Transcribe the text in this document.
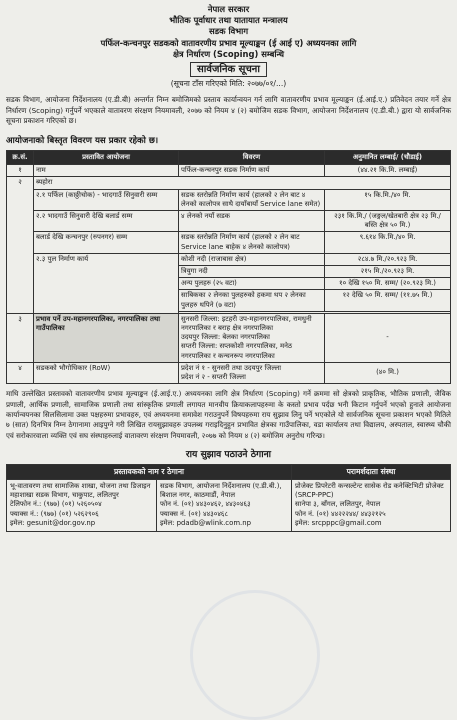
नेपाल सरकार
भौतिक पूर्वाधार तथा यातायात मन्त्रालय
सडक विभाग
पर्फिल-कन्चनपुर सडकको वातावरणीय प्रभाव मूल्याङ्कन (ई आई ए) अध्ययनका लागि
क्षेत्र निर्धारण (Scoping) सम्बन्धि
सार्वजनिक सूचना
(सूचना टाँस गरिएको मिति: २०७७/०१/...)

सडक विभाग, आयोजना निर्देशनालय (ए.डी.बी) अन्तर्गत निम्न बमोजिमको प्रस्ताव कार्यान्वयन गर्न लागि वातावरणीय प्रभाव मूल्याङ्कन (ई.आई.ए.) प्रतिवेदन तयार गर्ने क्षेत्र निर्धारण (Scoping) गर्नुपर्ने भएकाले वातावरण संरक्षण नियमावली, २०७७ को नियम ४ (२) बमोजिम सडक विभाग, आयोजना निर्देशनालय (ए.डी.बी.) द्वारा यो सार्वजनिक सूचना प्रकाशन गरिएको छ।

आयोजनाको बिस्तृत विवरण यस प्रकार रहेको छ।
क्र.सं.	प्रस्तावित आयोजना	विवरण	अनुमानित लम्बाई/ (चौडाई)
१	नाम	पर्फिल-कन्चनपुर सडक निर्माण कार्य	(४४.२१ कि.मि. लम्बाई)
२	ब्यहोरा		
	२.१ पर्फिल (काठ्ठीचोक) - भादगाउँ सिनुवारी सम्म	सडक स्तरोन्नति निर्माण कार्य (हालको २ लेन बाट ४ लेनको कालोपत्र साथै दायाँबायाँ Service lane समेत)	१५ कि.मि./४० मि.
	२.२ भादगाउँ सिनुवारी देखि बलार्ड सम्म	४ लेनको नयाँ सडक	२३१ कि.मि./ (जङ्गल/खेतबारी क्षेत्र २३ मि./ बस्ति क्षेत्र ५० मि.)
	बलार्ड देखि कन्चनपुर (रुपनगर) सम्म	सडक स्तरोन्नति निर्माण कार्य (हालको २ लेन बाट Service lane बाहेक ४ लेनको कालोपत्र)	९.६१४ कि.मि./४० मि.
	२.३ पुल निर्माण कार्य	कोशी नदी (राजाबास क्षेत्र)	२८४.७ मि./२०.९२३ मि.
		त्रियुगा नदी	२१५ मि./२०.९२३ मि.
		अन्य पुलहरु (२५ वटा)	१० देखि १५० मि. सम्म/ (२०.९२३ मि.)
		साबिकका २ लेनका पुलहरुको हकमा थप २ लेनका पुलहरु थपिने (७ वटा)	१२ देखि ५० मि. सम्म/ (११.७५ मि.)

३	प्रभाव पर्ने उप-महानगरपालिका, नगरपालिका तथा गाउँपालिका	सुनसरी जिल्ला: इटहरी उप-महानगरपालिका, रामधुनी नगरपालिका र बराह क्षेत्र नगरपालिका
उदयपुर जिल्ला: बेलका नगरपालिका
सप्तरी जिल्ला: सप्तकोशी नगरपालिका, मनेठ नगरपालिका र कन्चनरूप नगरपालिका	-
४	सडकको भौगोधिकार (RoW)	प्रदेश नं १ - सुनसरी तथा उदयपुर जिल्ला
प्रदेश नं २ - सप्तरी जिल्ला	(४० मि.)

माथि उल्लेखित प्रस्तावको वातावरणीय प्रभाव मूल्याङ्कन (ई.आई.ए.) अध्ययनका लागि क्षेत्र निर्धारण (Scoping) गर्ने क्रममा सो क्षेत्रको प्राकृतिक, भौतिक प्रणाली, जैविक प्रणाली, आर्थिक प्रणाली, सामाजिक प्रणाली तथा सांस्कृतिक प्रणाली लगायत मानवीय क्रियाकलापहरुमा के कस्तो प्रभाव पर्दछ भनी किटान गर्नुपर्ने भएको हुनाले आयोजना कार्यान्वयनका सिलसिलामा उक्त पक्षहरुमा प्रभावहरु, एवं अध्ययनमा समावेश गराउनुपर्ने विषयहरुमा राय सुझाव लिनु पर्ने भएकोले यो सार्वजनिक सूचना प्रकाशन भएको मितिले ७ (सात) दिनभित्र निम्न ठेगानामा आइपुग्ने गरी लिखित रायसुझावहरु उपलब्ध गराइदिनुहुन प्रभावित क्षेत्रका गाउँपालिका, वडा कार्यालय तथा विद्यालय, अस्पताल, स्वास्थ्य चौकी एवं सरोकारवाला व्यक्ति एवं सघ संस्थाहरुलाई वातावरण संरक्षण नियमावली, २०७७ को नियम ४ (२) बमोजिम अनुरोध गरिन्छ।

राय सुझाव पठाउने ठेगाना
प्रस्तावकको नाम र ठेगाना		परामर्शदाता संस्था
भू-वातावरण तथा सामाजिक शाखा, योजना तथा डिजाइन महाशाखा सडक विभाग, चाकुपाट, ललितपुर
टेलिफोन नं.: (९७७) (०१) ५२६०५०४
फ्याक्स नं.: (९७७) (०१) ५२६२९०६
इमेल: gesunit@dor.gov.np	सडक विभाग, आयोजना निर्देशनालय (ए.डी.बी.), बिशाल नगर, काठमाडौं, नेपाल
फोन नं. (०१) ४४३०४६२, ४४३०४६३
फ्याक्स नं. (०१) ४४३०४६८
इमेल: pdadb@wlink.com.np	प्रोजेक्ट प्रिपरेटरी कन्सल्टेन्ट सासेक रोड कनेक्टिभिटी प्रोजेक्ट (SRCP-PPC)
सानेपा ३, बाँगल, ललितपुर, नेपाल
फोन नं. (०१) ४४२२२४४/ ४४३२१२५
इमेल: srcpppc@gmail.com
